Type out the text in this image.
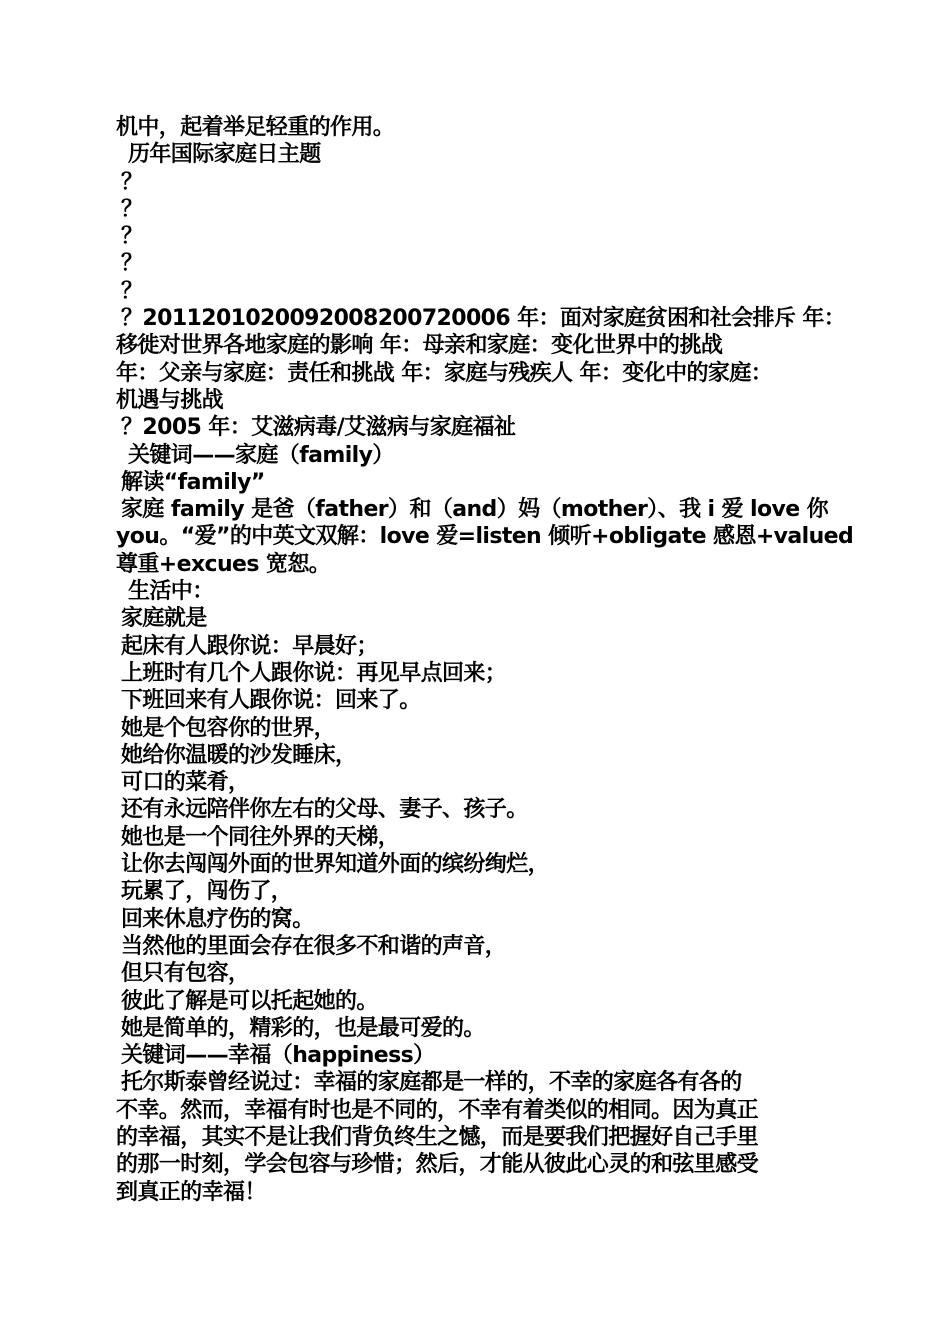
机中，起着举足轻重的作用。
历年国际家庭日主题
？
？
？
？
？
？2011201020092008200720006 年：面对家庭贫困和社会排斥 年：
移徙对世界各地家庭的影响 年：母亲和家庭：变化世界中的挑战
年：父亲与家庭：责任和挑战 年：家庭与残疾人 年：变化中的家庭：
机遇与挑战
？2005 年：艾滋病毒/艾滋病与家庭福祉
关键词——家庭（family）
解读“family”
家庭 family 是爸（father）和（and）妈（mother）、我 i 爱 love 你
you。“爱”的中英文双解：love 爱=listen 倾听+obligate 感恩+valued
尊重+excues 宽恕。
生活中：
家庭就是
起床有人跟你说：早晨好；
上班时有几个人跟你说：再见早点回来；
下班回来有人跟你说：回来了。
她是个包容你的世界，
她给你温暖的沙发睡床，
可口的菜肴，
还有永远陪伴你左右的父母、妻子、孩子。
她也是一个同往外界的天梯，
让你去闯闯外面的世界知道外面的缤纷绚烂，
玩累了，闯伤了，
回来休息疗伤的窝。
当然他的里面会存在很多不和谐的声音，
但只有包容，
彼此了解是可以托起她的。
她是简单的，精彩的，也是最可爱的。
关键词——幸福（happiness）
托尔斯泰曾经说过：幸福的家庭都是一样的，不幸的家庭各有各的
不幸。然而，幸福有时也是不同的，不幸有着类似的相同。因为真正
的幸福，其实不是让我们背负终生之憾，而是要我们把握好自己手里
的那一时刻，学会包容与珍惜；然后，才能从彼此心灵的和弦里感受
到真正的幸福！
